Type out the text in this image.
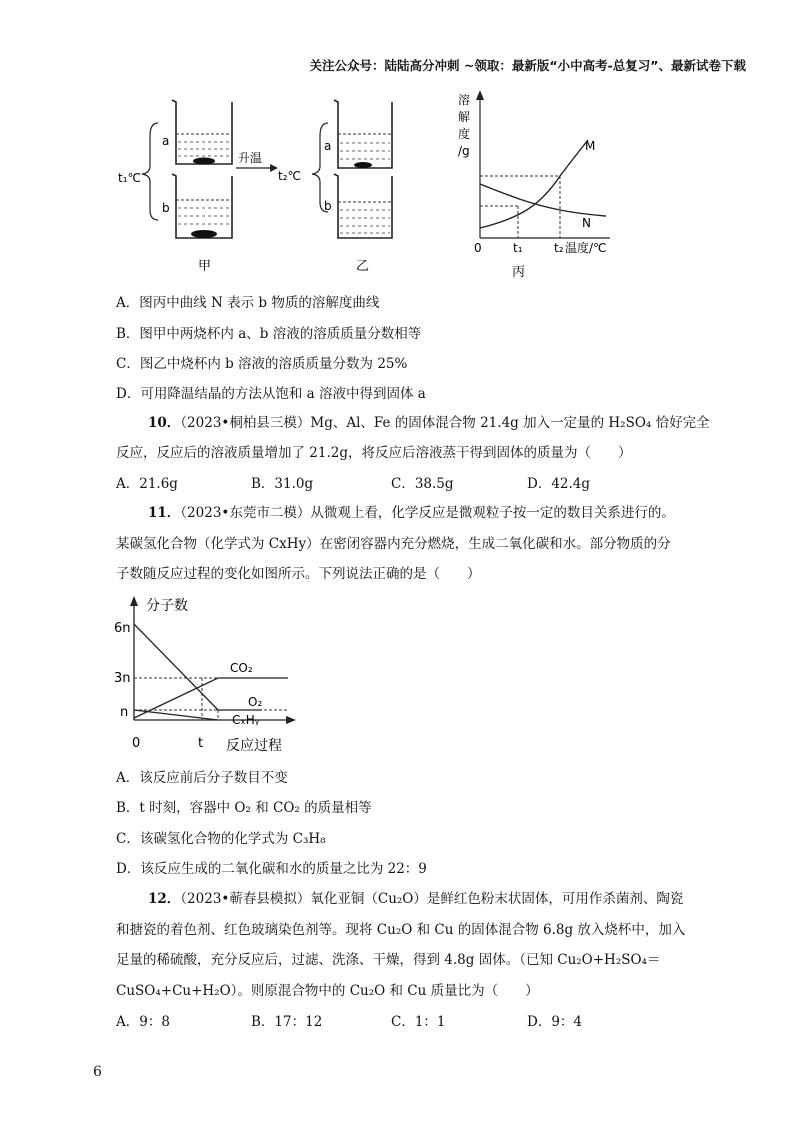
关注公众号：陆陆高分冲刺 ~领取：最新版“小中高考-总复习”、最新试卷下载
t₁℃
a
b
升温
t₂℃
a
b
溶
解
度
/g	M
N
0	t₁	t₂ 温度/℃
甲	乙	丙
A．图丙中曲线 N 表示 b 物质的溶解度曲线
B．图甲中两烧杯内 a、b 溶液的溶质质量分数相等
C．图乙中烧杯内 b 溶液的溶质质量分数为 25%
D．可用降温结晶的方法从饱和 a 溶液中得到固体 a
10．（2023•桐柏县三模）Mg、Al、Fe 的固体混合物 21.4g 加入一定量的 H₂SO₄ 恰好完全
反应，反应后的溶液质量增加了 21.2g，将反应后溶液蒸干得到固体的质量为（　　）
A．21.6g	B．31.0g	C．38.5g	D．42.4g
11．（2023•东莞市二模）从微观上看，化学反应是微观粒子按一定的数目关系进行的。
某碳氢化合物（化学式为 CxHy）在密闭容器内充分燃烧，生成二氧化碳和水。部分物质的分
子数随反应过程的变化如图所示。下列说法正确的是（　　）
分子数
6n
3n
n
0	t 反应过程
CO₂
O₂
CₓHᵧ
A．该反应前后分子数目不变
B．t 时刻，容器中 O₂ 和 CO₂ 的质量相等
C．该碳氢化合物的化学式为 C₃H₈
D．该反应生成的二氧化碳和水的质量之比为 22：9
12．（2023•蕲春县模拟）氧化亚铜（Cu₂O）是鲜红色粉末状固体，可用作杀菌剂、陶瓷
和搪瓷的着色剂、红色玻璃染色剂等。现将 Cu₂O 和 Cu 的固体混合物 6.8g 放入烧杯中，加入
足量的稀硫酸，充分反应后，过滤、洗涤、干燥，得到 4.8g 固体。（已知 Cu₂O+H₂SO₄＝
CuSO₄+Cu+H₂O）。则原混合物中的 Cu₂O 和 Cu 质量比为（　　）
A．9：8	B．17：12	C．1：1	D．9：4
6
